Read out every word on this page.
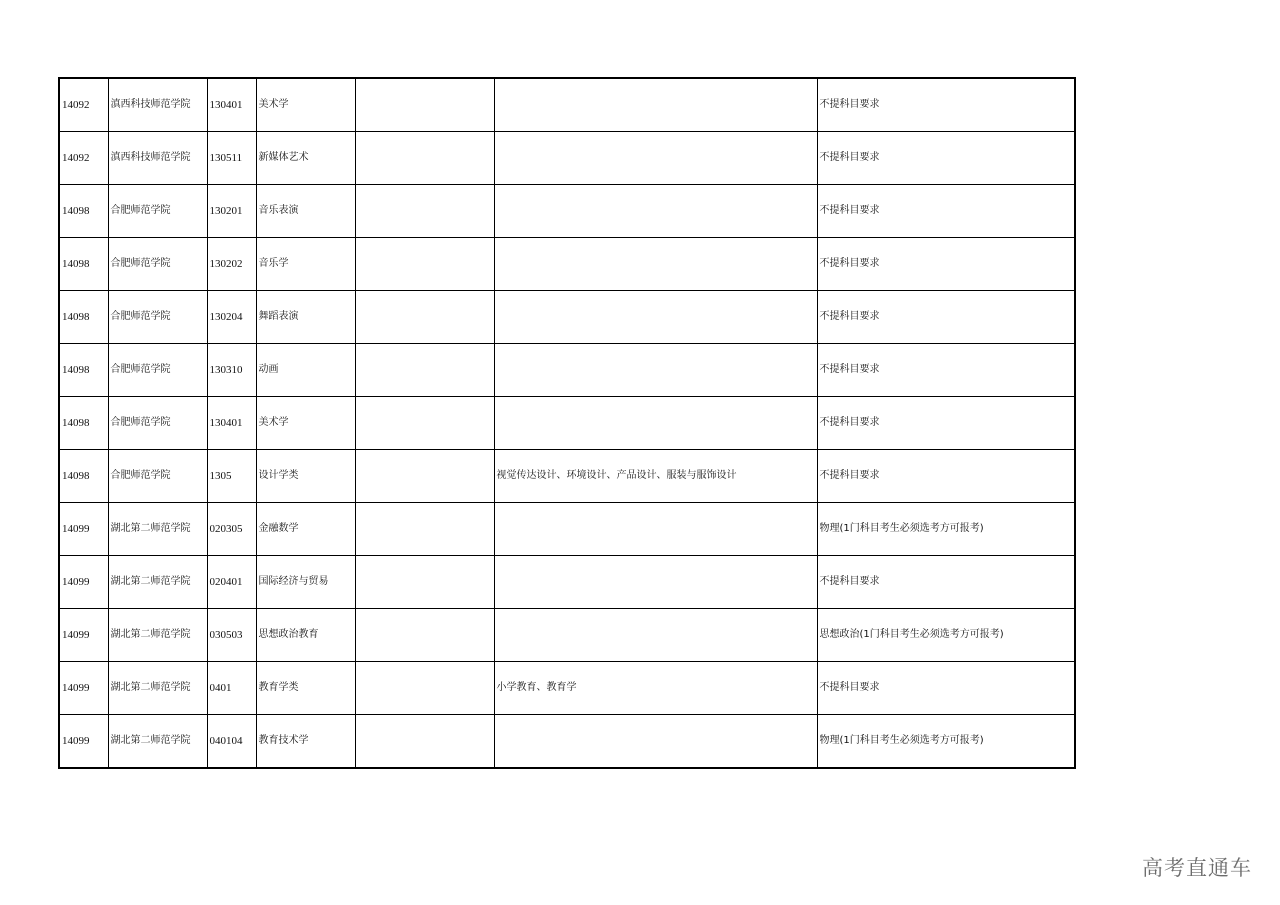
14092	滇西科技师范学院	130401	美术学			不提科目要求
14092	滇西科技师范学院	130511	新媒体艺术			不提科目要求
14098	合肥师范学院	130201	音乐表演			不提科目要求
14098	合肥师范学院	130202	音乐学			不提科目要求
14098	合肥师范学院	130204	舞蹈表演			不提科目要求
14098	合肥师范学院	130310	动画			不提科目要求
14098	合肥师范学院	130401	美术学			不提科目要求
14098	合肥师范学院	1305	设计学类		视觉传达设计、环境设计、产品设计、服装与服饰设计	不提科目要求
14099	湖北第二师范学院	020305	金融数学			物理(1门科目考生必须选考方可报考)
14099	湖北第二师范学院	020401	国际经济与贸易			不提科目要求
14099	湖北第二师范学院	030503	思想政治教育			思想政治(1门科目考生必须选考方可报考)
14099	湖北第二师范学院	0401	教育学类		小学教育、教育学	不提科目要求
14099	湖北第二师范学院	040104	教育技术学			物理(1门科目考生必须选考方可报考)
高考直通车
